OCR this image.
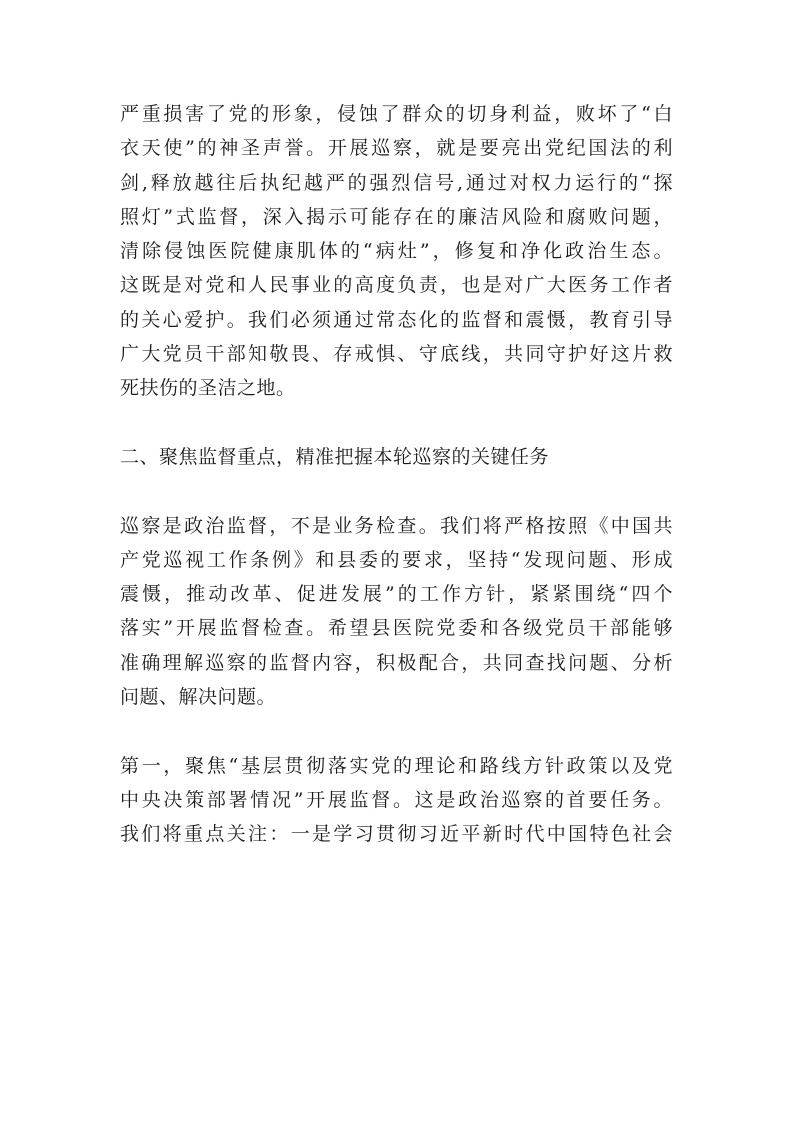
严重损害了党的形象，侵蚀了群众的切身利益，败坏了“白
衣天使”的神圣声誉。开展巡察，就是要亮出党纪国法的利
剑,释放越往后执纪越严的强烈信号,通过对权力运行的“探
照灯”式监督，深入揭示可能存在的廉洁风险和腐败问题，
清除侵蚀医院健康肌体的“病灶”，修复和净化政治生态。
这既是对党和人民事业的高度负责，也是对广大医务工作者
的关心爱护。我们必须通过常态化的监督和震慑，教育引导
广大党员干部知敬畏、存戒惧、守底线，共同守护好这片救
死扶伤的圣洁之地。
二、聚焦监督重点，精准把握本轮巡察的关键任务
巡察是政治监督，不是业务检查。我们将严格按照《中国共
产党巡视工作条例》和县委的要求，坚持“发现问题、形成
震慑，推动改革、促进发展”的工作方针，紧紧围绕“四个
落实”开展监督检查。希望县医院党委和各级党员干部能够
准确理解巡察的监督内容，积极配合，共同查找问题、分析
问题、解决问题。
第一，聚焦“基层贯彻落实党的理论和路线方针政策以及党
中央决策部署情况”开展监督。这是政治巡察的首要任务。
我们将重点关注：一是学习贯彻习近平新时代中国特色社会
